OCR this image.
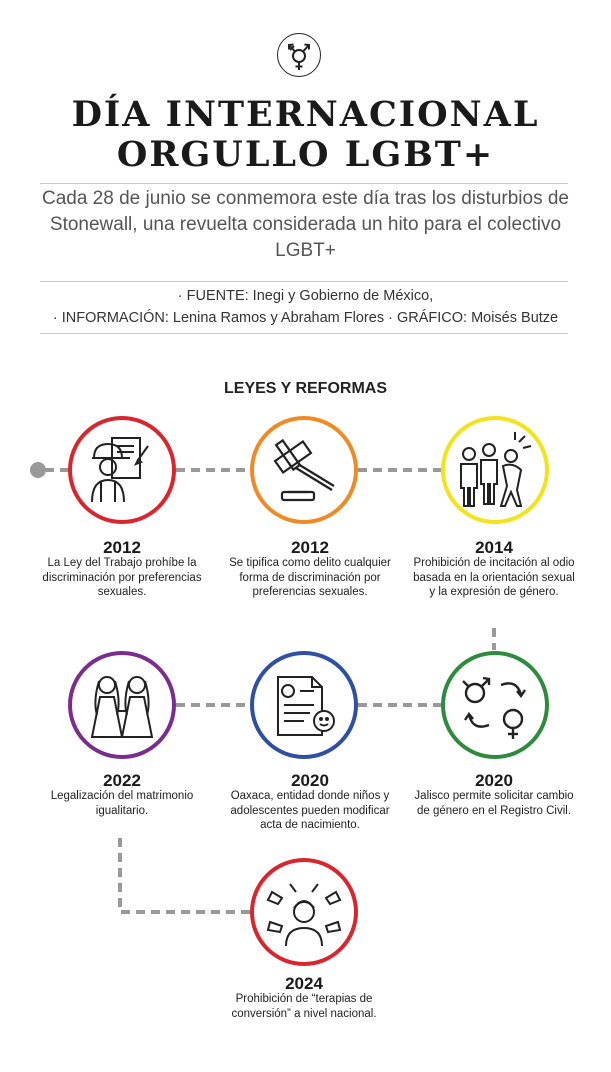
DÍA INTERNACIONAL
ORGULLO LGBT+
Cada 28 de junio se conmemora este día tras los disturbios de Stonewall, una revuelta considerada un hito para el colectivo LGBT+
· FUENTE: Inegi y Gobierno de México,
· INFORMACIÓN: Lenina Ramos y Abraham Flores · GRÁFICO: Moisés Butze
LEYES Y REFORMAS
2012
La Ley del Trabajo prohíbe la discriminación por preferencias sexuales.
2012
Se tipifica como delito cualquier forma de discriminación por preferencias sexuales.
2014
Prohibición de incitación al odio basada en la orientación sexual y la expresión de género.
2022
Legalización del matrimonio igualitario.
2020
Oaxaca, entidad donde niños y adolescentes pueden modificar acta de nacimiento.
2020
Jalisco permite solicitar cambio de género en el Registro Civil.
2024
Prohibición de “terapias de conversión” a nivel nacional.
